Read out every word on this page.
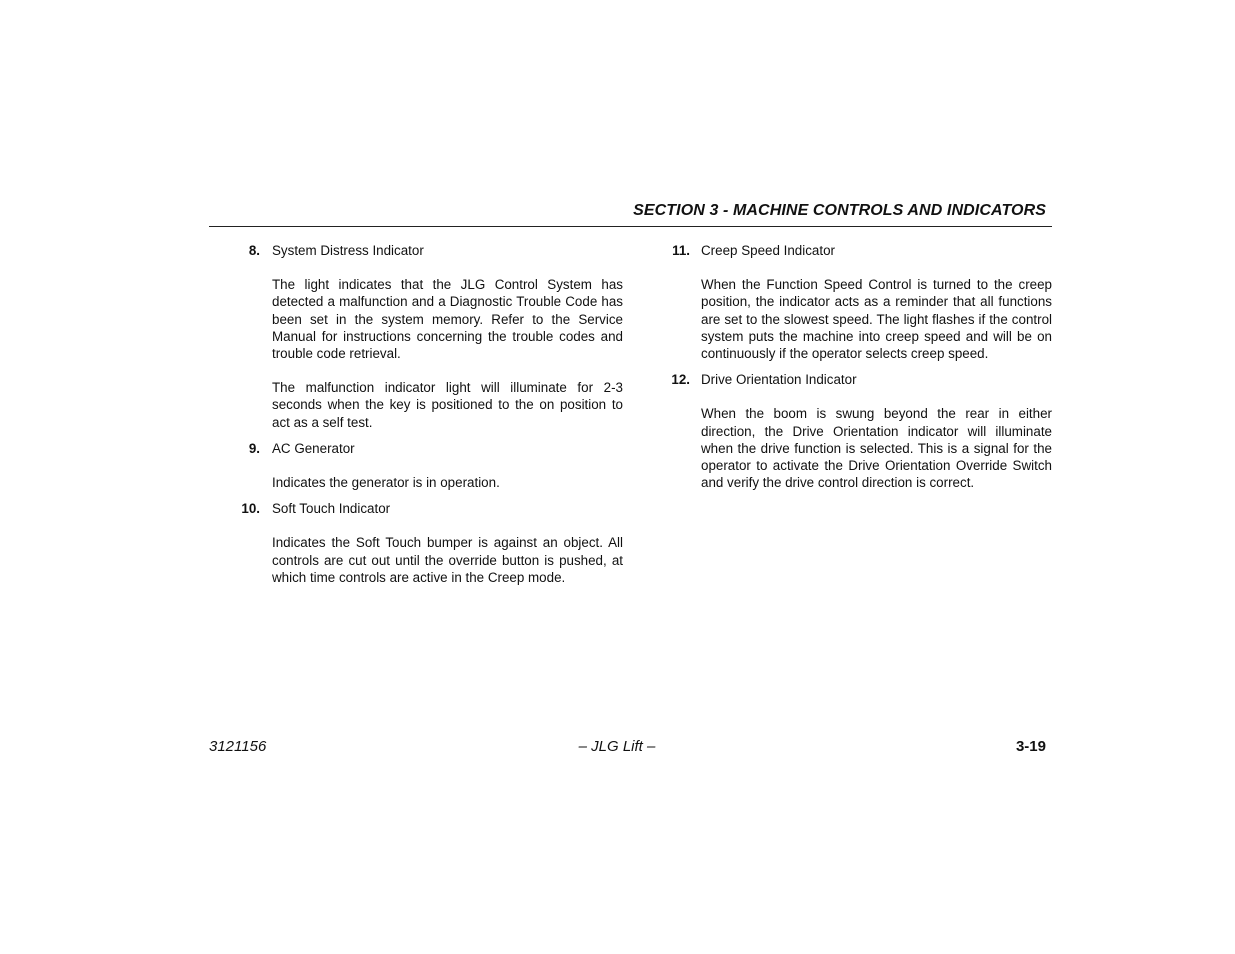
SECTION 3 - MACHINE CONTROLS AND INDICATORS
8. System Distress Indicator

The light indicates that the JLG Control System has detected a malfunction and a Diagnostic Trouble Code has been set in the system memory. Refer to the Service Manual for instructions concerning the trouble codes and trouble code retrieval.

The malfunction indicator light will illuminate for 2-3 seconds when the key is positioned to the on position to act as a self test.

9. AC Generator

Indicates the generator is in operation.

10. Soft Touch Indicator

Indicates the Soft Touch bumper is against an object. All controls are cut out until the override button is pushed, at which time controls are active in the Creep mode.

11. Creep Speed Indicator

When the Function Speed Control is turned to the creep position, the indicator acts as a reminder that all functions are set to the slowest speed. The light flashes if the control system puts the machine into creep speed and will be on continuously if the operator selects creep speed.

12. Drive Orientation Indicator

When the boom is swung beyond the rear in either direction, the Drive Orientation indicator will illuminate when the drive function is selected. This is a signal for the operator to activate the Drive Orientation Override Switch and verify the drive control direction is correct.

3121156	– JLG Lift –	3-19
